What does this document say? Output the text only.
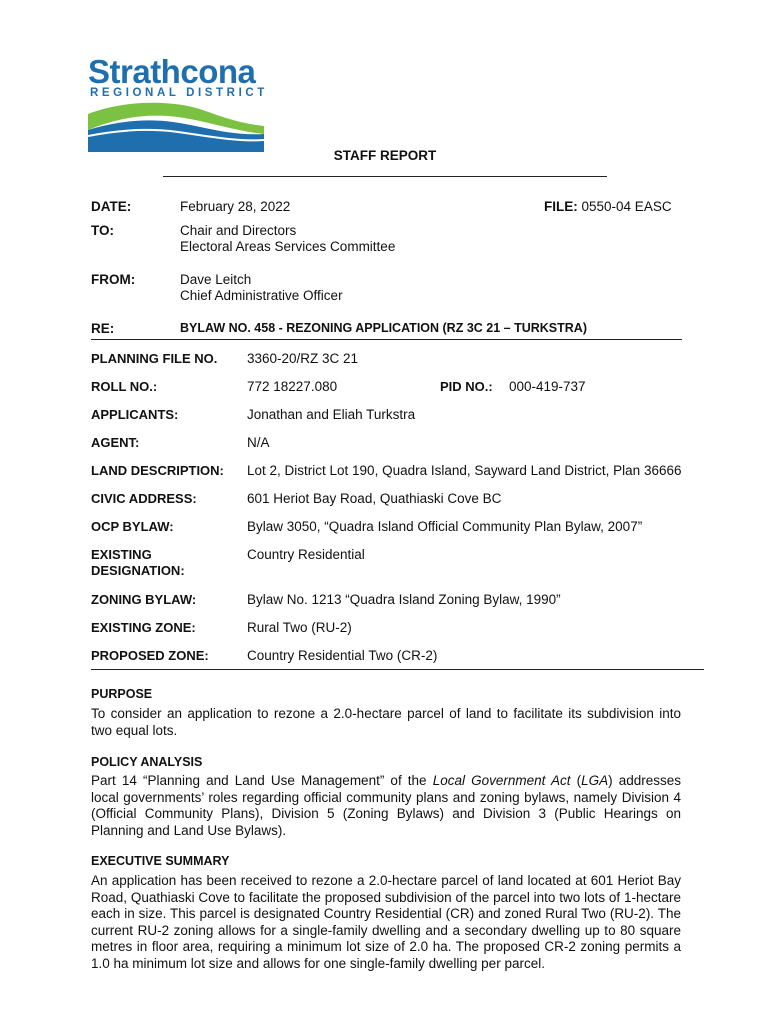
Strathcona
REGIONAL DISTRICT
STAFF REPORT
DATE:	February 28, 2022	FILE: 0550-04 EASC
TO:	Chair and Directors
Electoral Areas Services Committee
FROM:	Dave Leitch
Chief Administrative Officer
RE:	BYLAW NO. 458 - REZONING APPLICATION (RZ 3C 21 – TURKSTRA)
PLANNING FILE NO. 3360-20/RZ 3C 21
ROLL NO.:	772 18227.080	PID NO.: 000-419-737
APPLICANTS:	Jonathan and Eliah Turkstra
AGENT:	N/A
LAND DESCRIPTION: Lot 2, District Lot 190, Quadra Island, Sayward Land District, Plan 36666
CIVIC ADDRESS:	601 Heriot Bay Road, Quathiaski Cove BC
OCP BYLAW:	Bylaw 3050, “Quadra Island Official Community Plan Bylaw, 2007”
EXISTING
DESIGNATION:
Country Residential
ZONING BYLAW:	Bylaw No. 1213 “Quadra Island Zoning Bylaw, 1990”
EXISTING ZONE:	Rural Two (RU-2)
PROPOSED ZONE:	Country Residential Two (CR-2)
PURPOSE
To consider an application to rezone a 2.0-hectare parcel of land to facilitate its subdivision into two equal lots.
POLICY ANALYSIS
Part 14 “Planning and Land Use Management” of the Local Government Act (LGA) addresses local governments’ roles regarding official community plans and zoning bylaws, namely Division 4 (Official Community Plans), Division 5 (Zoning Bylaws) and Division 3 (Public Hearings on Planning and Land Use Bylaws).
EXECUTIVE SUMMARY
An application has been received to rezone a 2.0-hectare parcel of land located at 601 Heriot Bay Road, Quathiaski Cove to facilitate the proposed subdivision of the parcel into two lots of 1-hectare each in size. This parcel is designated Country Residential (CR) and zoned Rural Two (RU-2). The current RU-2 zoning allows for a single-family dwelling and a secondary dwelling up to 80 square metres in floor area, requiring a minimum lot size of 2.0 ha. The proposed CR-2 zoning permits a 1.0 ha minimum lot size and allows for one single-family dwelling per parcel.
